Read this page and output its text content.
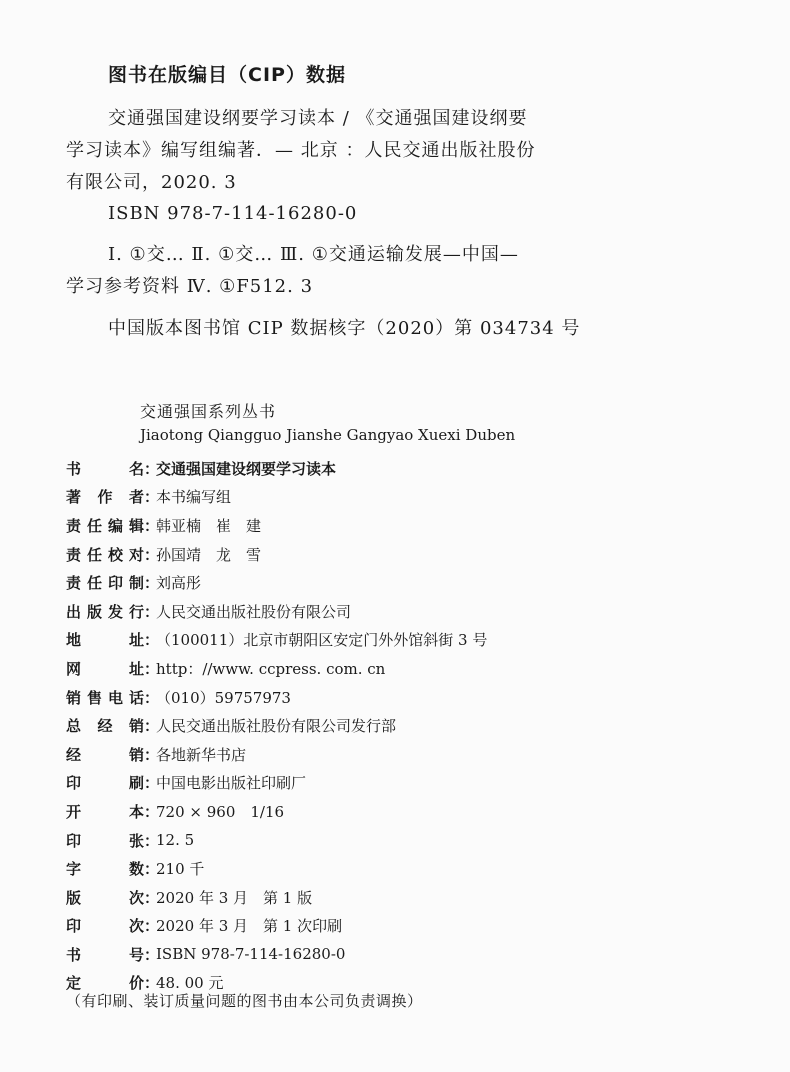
图书在版编目（CIP）数据
交通强国建设纲要学习读本 / 《交通强国建设纲要
学习读本》编写组编著．— 北京 ：人民交通出版社股份
有限公司，2020. 3
ISBN 978-7-114-16280-0
Ⅰ. ①交… Ⅱ. ①交… Ⅲ. ①交通运输发展—中国—
学习参考资料 Ⅳ. ①F512. 3
中国版本图书馆 CIP 数据核字（2020）第 034734 号
交通强国系列丛书
Jiaotong Qiangguo Jianshe Gangyao Xuexi Duben
书	名 ：
交通强国建设纲要学习读本
著 作 者 ：
本书编写组
责 任 编 辑 ：
韩亚楠　崔　建
责 任 校 对 ：
孙国靖　龙　雪
责 任 印 制 ：
刘高彤
出 版 发 行 ：
人民交通出版社股份有限公司
地	址 ：
（100011）北京市朝阳区安定门外外馆斜街 3 号
网	址 ：
http：//www. ccpress. com. cn
销 售 电 话 ：
（010）59757973
总 经 销 ：
人民交通出版社股份有限公司发行部
经	销 ：
各地新华书店
印	刷 ：
中国电影出版社印刷厂
开	本 ：
720 × 960　1/16
印	张 ：
12. 5
字	数 ：
210 千
版	次 ：
2020 年 3 月　第 1 版
印	次 ：
2020 年 3 月　第 1 次印刷
书	号 ：
ISBN 978-7-114-16280-0
定	价 ：
48. 00 元
（有印刷、装订质量问题的图书由本公司负责调换）
